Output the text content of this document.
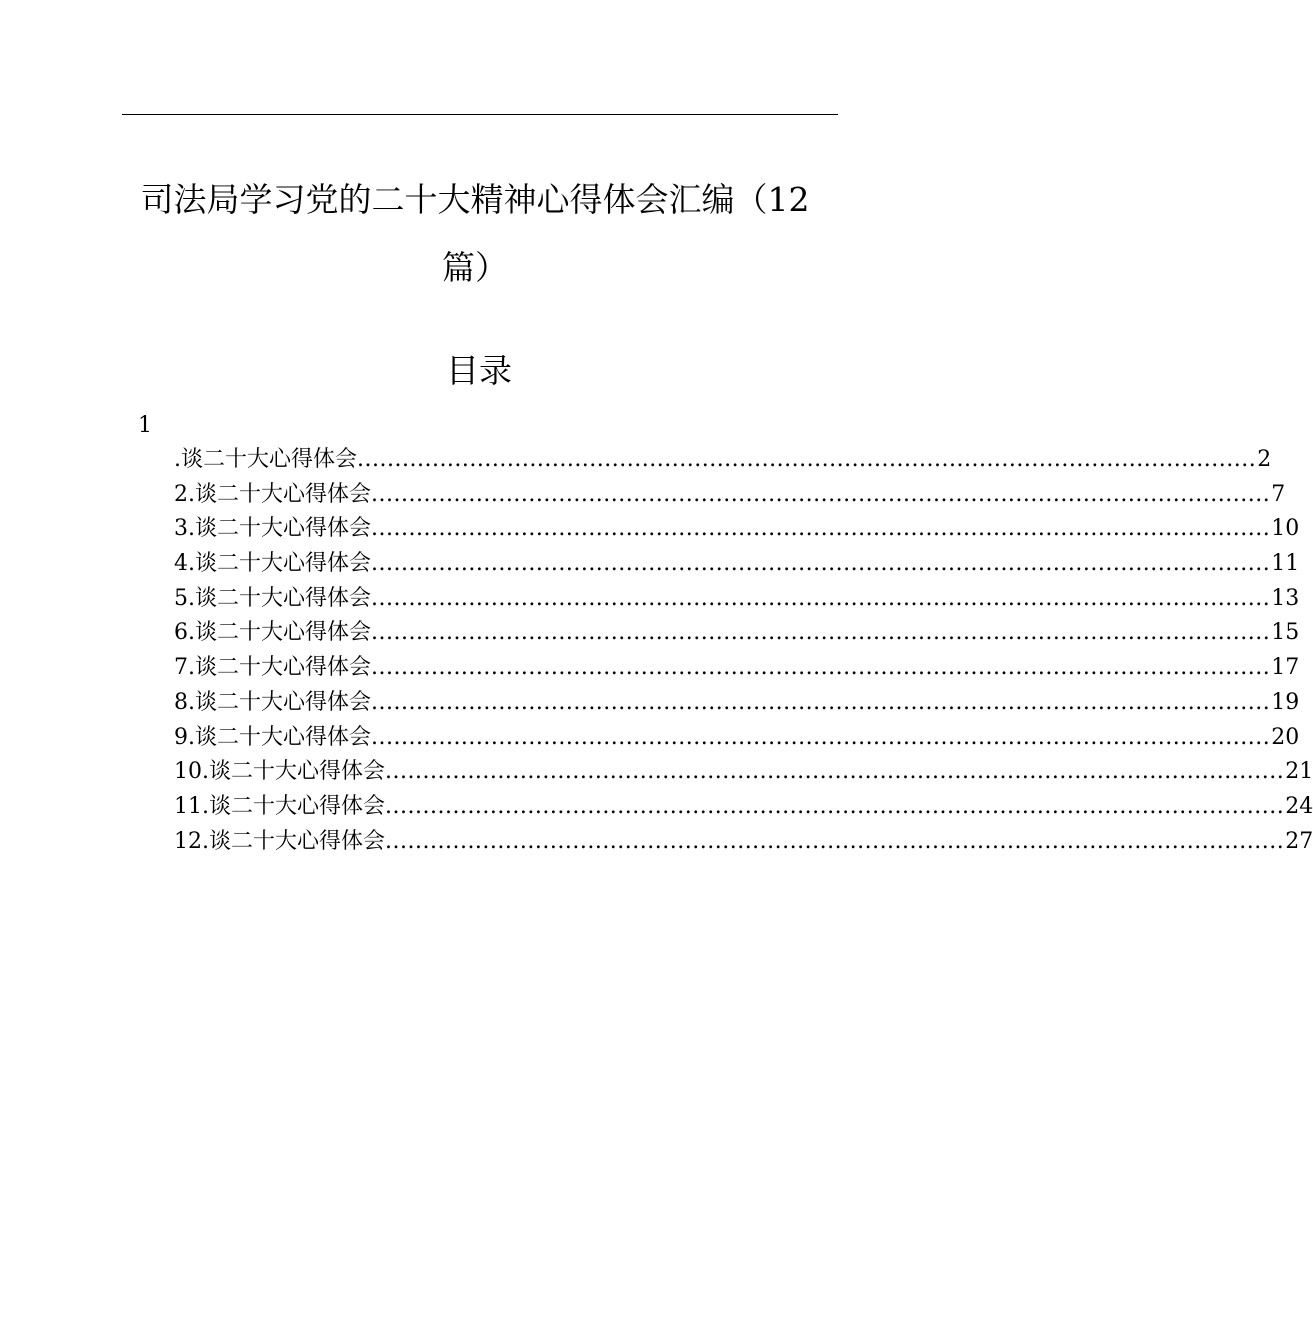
司法局学习党的二十大精神心得体会汇编（12
篇）
目录
1
.谈二十大心得体会 ........................................................................................................................ 2
2.谈二十大心得体会 ........................................................................................................................ 7
3.谈二十大心得体会 ........................................................................................................................ 10
4.谈二十大心得体会 ........................................................................................................................ 11
5.谈二十大心得体会 ........................................................................................................................ 13
6.谈二十大心得体会 ........................................................................................................................ 15
7.谈二十大心得体会 ........................................................................................................................ 17
8.谈二十大心得体会 ........................................................................................................................ 19
9.谈二十大心得体会 ........................................................................................................................ 20
10.谈二十大心得体会 ........................................................................................................................ 21
11.谈二十大心得体会 ........................................................................................................................ 24
12.谈二十大心得体会 ........................................................................................................................ 27
